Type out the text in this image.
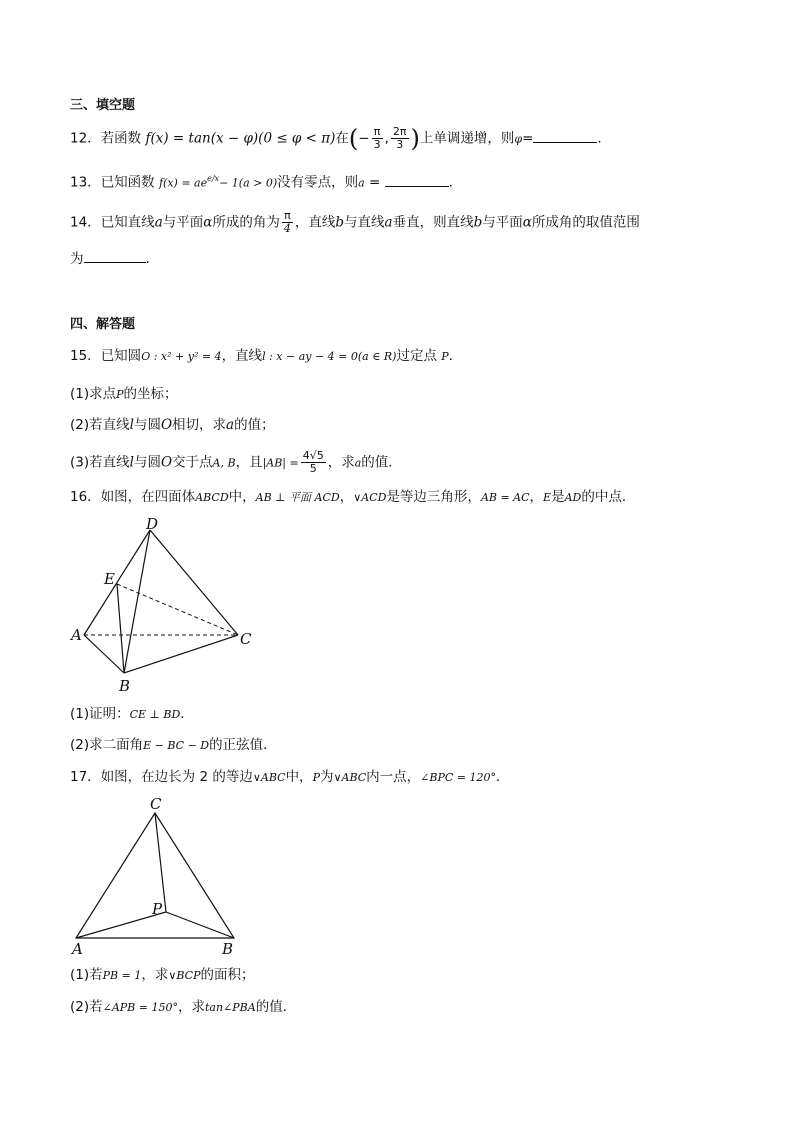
三、填空题
12．若函数 f(x) = tan(x − φ)(0 ≤ φ < π)在(− $\frac{\pi}{3}$ , $\frac{2\pi}{3}$ )上单调递增，则φ=	．
13．已知函数 $f(x) = ae^{e/x}- 1(a > 0)$没有零点，则a =	．
14．已知直线a与平面α所成的角为 $\frac{\pi}{4}$ ，直线b与直线a垂直，则直线b与平面α所成角的取值范围
为	．
四、解答题
15．已知圆O : x² + y² = 4，直线l : x − ay − 4 = 0(a ∈ R)过定点 P．
(1)求点P的坐标；
(2)若直线l与圆O相切，求a的值；
(3)若直线l与圆O交于点A, B，且$|AB| = \frac{4√5}{5}$ ，求a的值．
16．如图，在四面体ABCD中，AB ⊥ 平面 ACD，∨ACD是等边三角形，AB = AC，E是AD的中点．
D
E
A	C
B
(1)证明：CE ⊥ BD．
(2)求二面角E − BC − D的正弦值．
17．如图，在边长为 2 的等边∨ABC中，P为∨ABC内一点，∠BPC = 120°．
C
P
A	B
(1)若PB = 1，求∨BCP的面积；
(2)若∠APB = 150°，求tan∠PBA的值．
